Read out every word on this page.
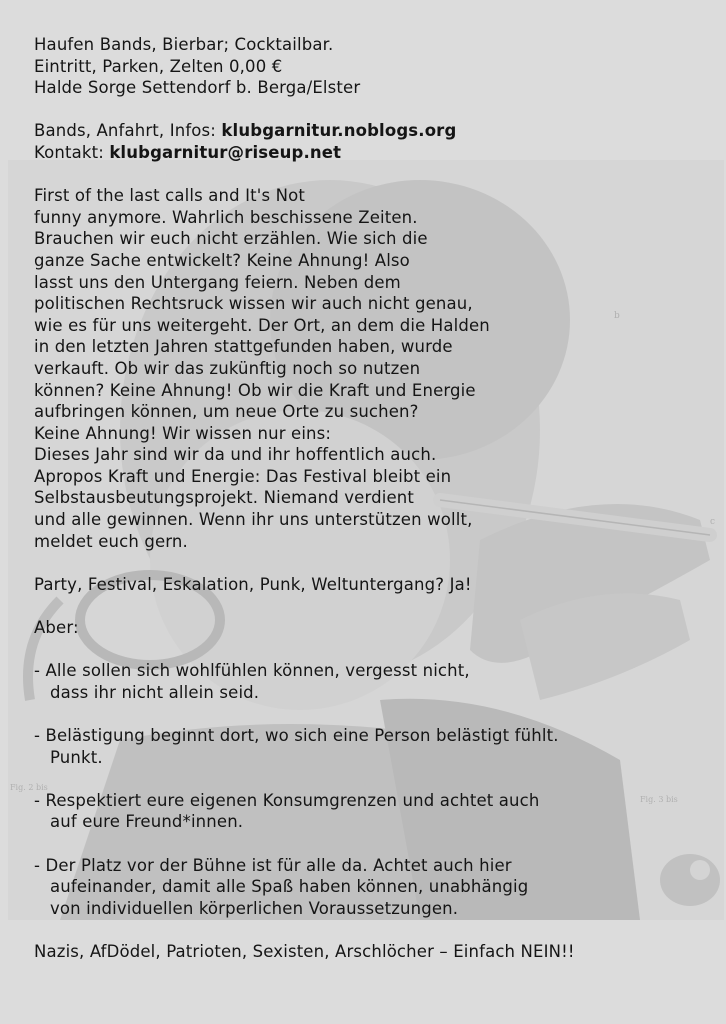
Fig. 2 bis
Fig. 3 bis
b
c
Haufen Bands, Bierbar; Cocktailbar.
Eintritt, Parken, Zelten 0,00 €
Halde Sorge Settendorf b. Berga/Elster
Bands, Anfahrt, Infos: klubgarnitur.noblogs.org
Kontakt: klubgarnitur@riseup.net
First of the last calls and It's Not
funny anymore. Wahrlich beschissene Zeiten.
Brauchen wir euch nicht erzählen. Wie sich die
ganze Sache entwickelt? Keine Ahnung! Also
lasst uns den Untergang feiern. Neben dem
politischen Rechtsruck wissen wir auch nicht genau,
wie es für uns weitergeht. Der Ort, an dem die Halden
in den letzten Jahren stattgefunden haben, wurde
verkauft. Ob wir das zukünftig noch so nutzen
können? Keine Ahnung! Ob wir die Kraft und Energie
aufbringen können, um neue Orte zu suchen?
Keine Ahnung! Wir wissen nur eins:
Dieses Jahr sind wir da und ihr hoffentlich auch.
Apropos Kraft und Energie: Das Festival bleibt ein
Selbstausbeutungsprojekt. Niemand verdient
und alle gewinnen. Wenn ihr uns unterstützen wollt,
meldet euch gern.
Party, Festival, Eskalation, Punk, Weltuntergang? Ja!
Aber:
- Alle sollen sich wohlfühlen können, vergesst nicht,
dass ihr nicht allein seid.
- Belästigung beginnt dort, wo sich eine Person belästigt fühlt.
Punkt.
- Respektiert eure eigenen Konsumgrenzen und achtet auch
auf eure Freund*innen.
- Der Platz vor der Bühne ist für alle da. Achtet auch hier
aufeinander, damit alle Spaß haben können, unabhängig
von individuellen körperlichen Voraussetzungen.
Nazis, AfDödel, Patrioten, Sexisten, Arschlöcher – Einfach NEIN!!
